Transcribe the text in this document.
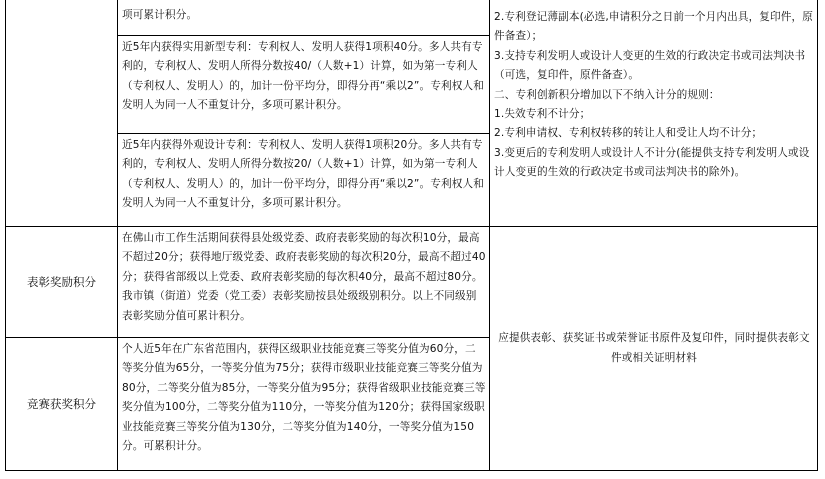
项可累计积分。
近5年内获得实用新型专利：专利权人、发明人获得1项积40分。多人共有专利的，专利权人、发明人所得分数按40/（人数+1）计算，如为第一专利人（专利权人、发明人）的，加计一份平均分，即得分再“乘以2”。专利权人和发明人为同一人不重复计分，多项可累计积分。
近5年内获得外观设计专利：专利权人、发明人获得1项积20分。多人共有专利的，专利权人、发明人所得分数按20/（人数+1）计算，如为第一专利人（专利权人、发明人）的，加计一份平均分，即得分再“乘以2”。专利权人和发明人为同一人不重复计分，多项可累计积分。
2.专利登记薄副本(必选,申请积分之日前一个月内出具，复印件，原件备查）；
3.支持专利发明人或设计人变更的生效的行政决定书或司法判决书（可选，复印件，原件备查）。
二、专利创新积分增加以下不纳入计分的规则：
1.失效专利不计分；
2.专利申请权、专利权转移的转让人和受让人均不计分；
3.变更后的专利发明人或设计人不计分(能提供支持专利发明人或设计人变更的生效的行政决定书或司法判决书的除外)。
表彰奖励积分
在佛山市工作生活期间获得县处级党委、政府表彰奖励的每次积10分，最高不超过20分；获得地厅级党委、政府表彰奖励的每次积20分，最高不超过40分；获得省部级以上党委、政府表彰奖励的每次积40分，最高不超过80分。我市镇（街道）党委（党工委）表彰奖励按县处级级别积分。以上不同级别表彰奖励分值可累计积分。
竞赛获奖积分
个人近5年在广东省范围内，获得区级职业技能竞赛三等奖分值为60分，二等奖分值为65分，一等奖分值为75分；获得市级职业技能竞赛三等奖分值为80分，二等奖分值为85分，一等奖分值为95分；获得省级职业技能竞赛三等奖分值为100分，二等奖分值为110分，一等奖分值为120分；获得国家级职业技能竞赛三等奖分值为130分，二等奖分值为140分，一等奖分值为150分。可累积计分。
应提供表彰、获奖证书或荣誉证书原件及复印件，同时提供表彰文件或相关证明材料
